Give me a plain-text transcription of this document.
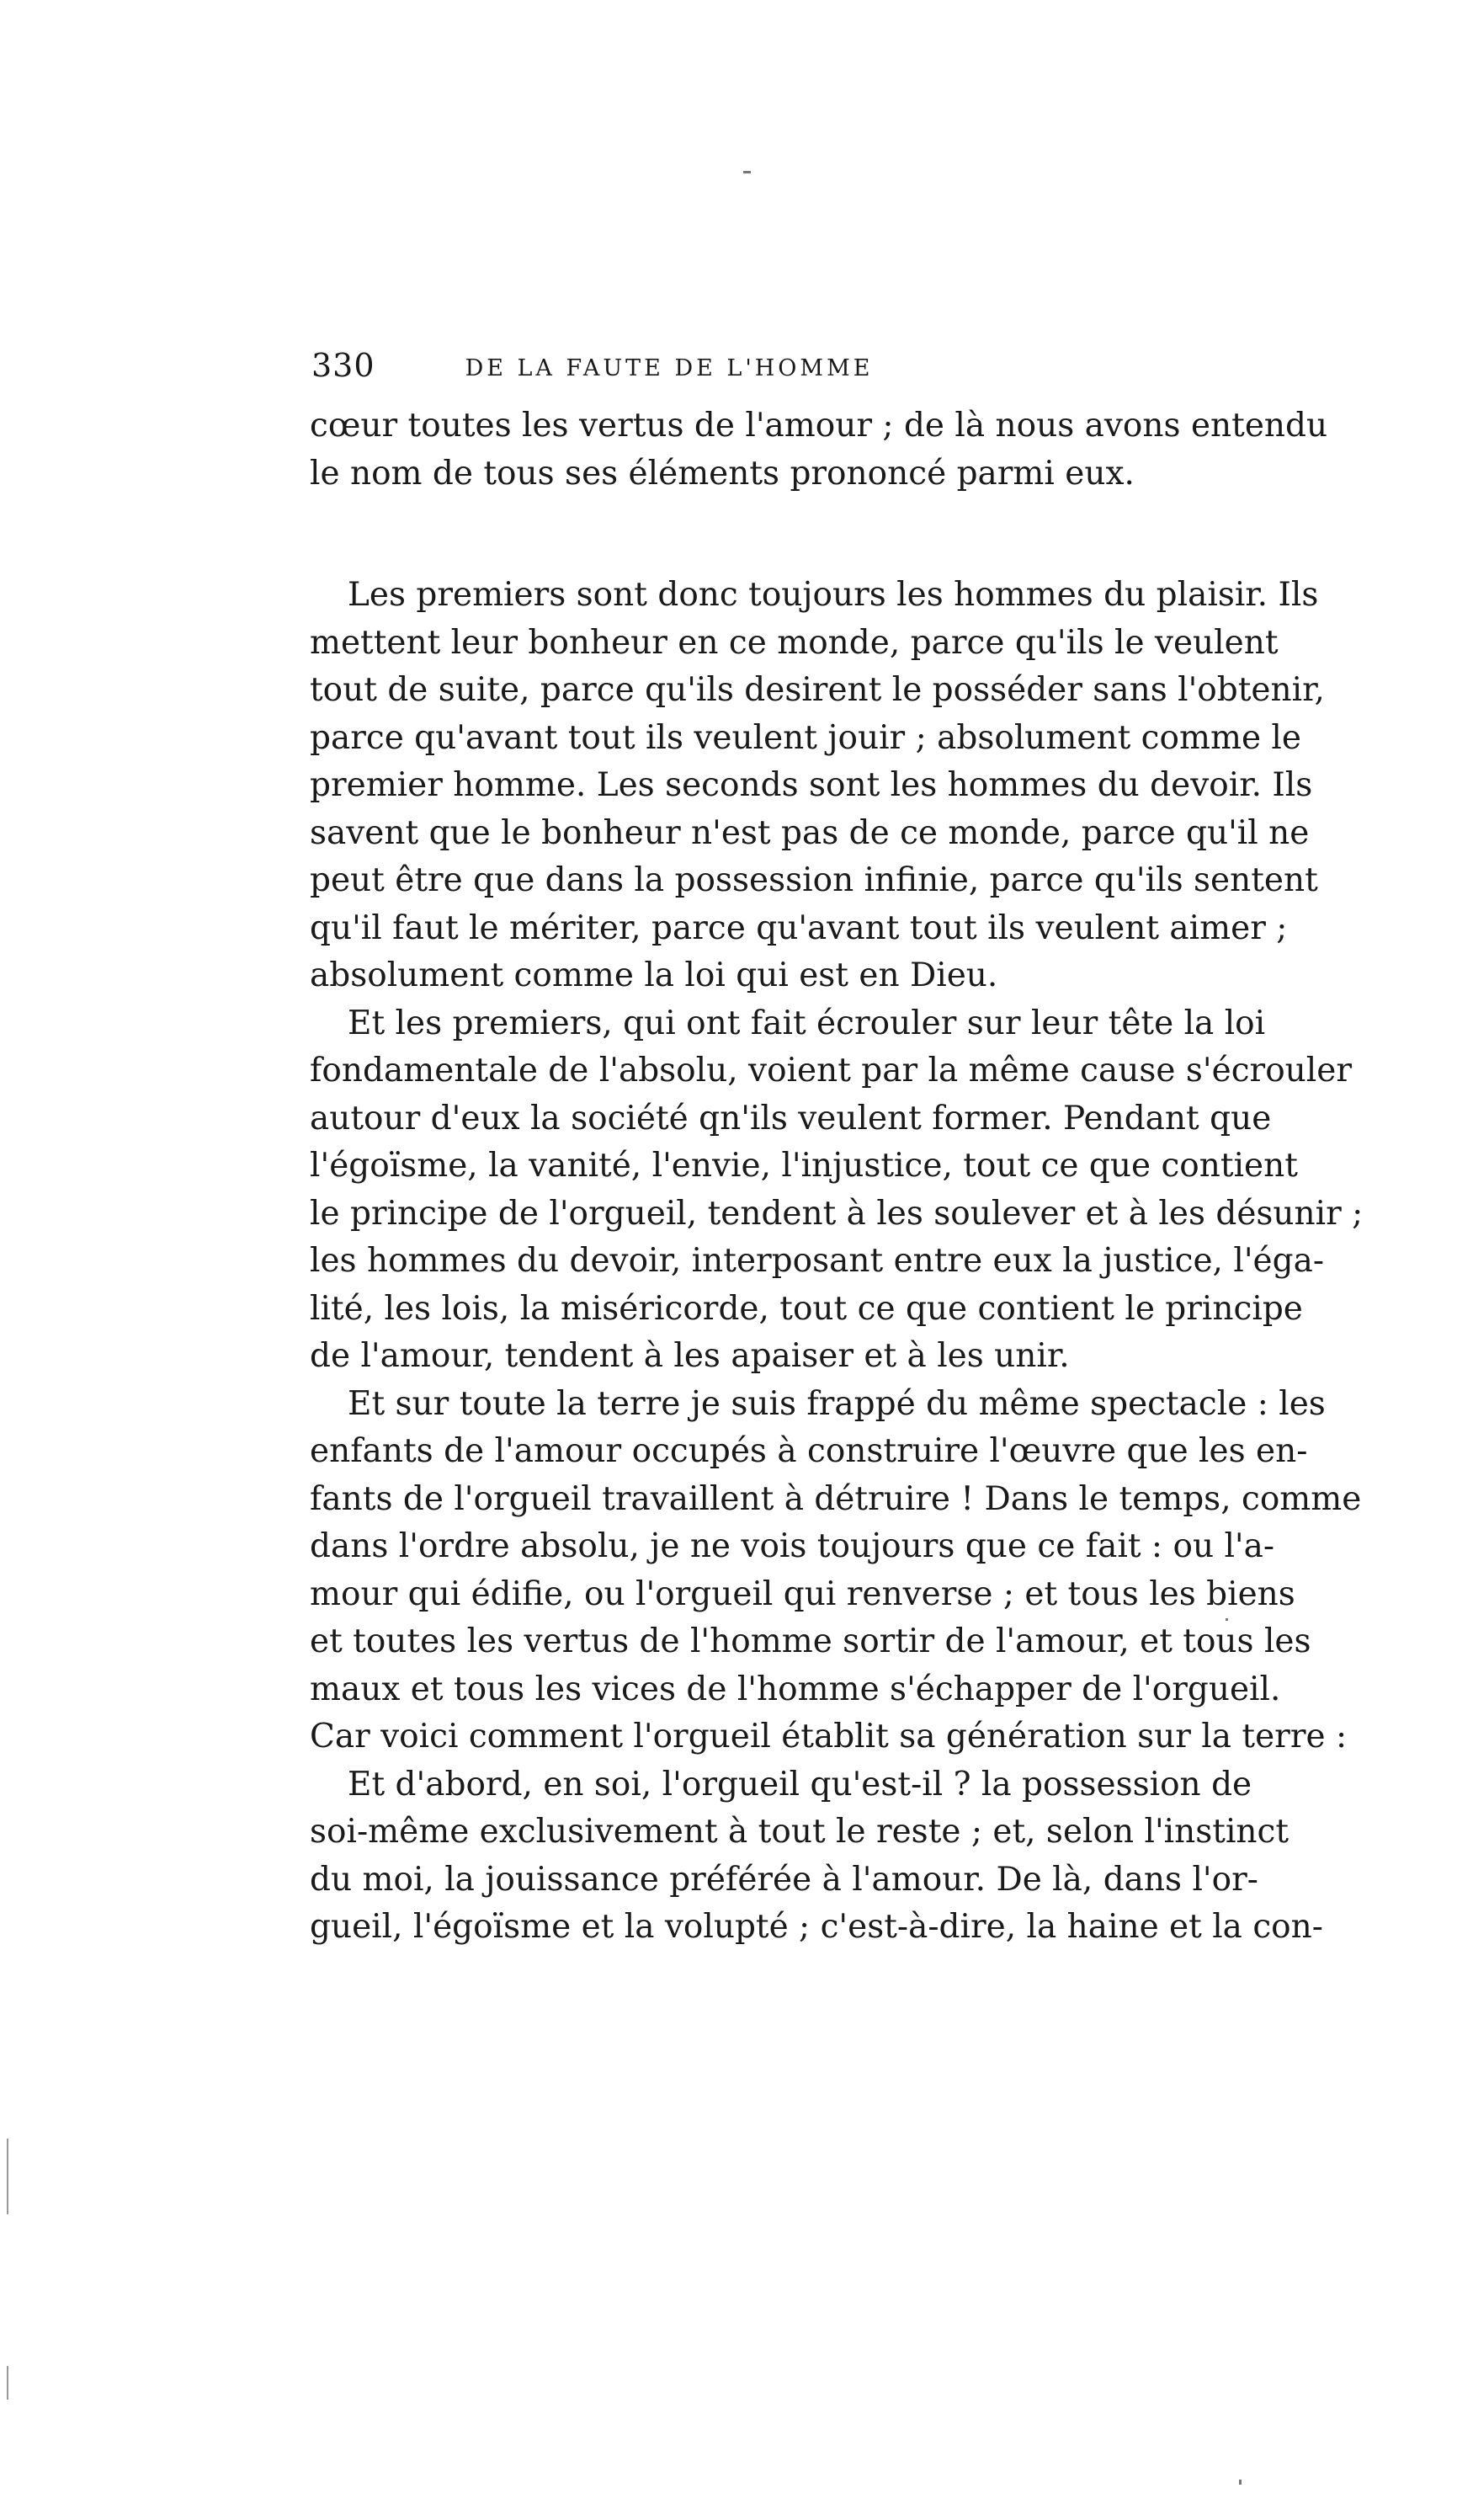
330	DE LA FAUTE DE L'HOMME
cœur toutes les vertus de l'amour ; de là nous avons entendu
le nom de tous ses éléments prononcé parmi eux.
Les premiers sont donc toujours les hommes du plaisir. Ils
mettent leur bonheur en ce monde, parce qu'ils le veulent
tout de suite, parce qu'ils desirent le posséder sans l'obtenir,
parce qu'avant tout ils veulent jouir ; absolument comme le
premier homme. Les seconds sont les hommes du devoir. Ils
savent que le bonheur n'est pas de ce monde, parce qu'il ne
peut être que dans la possession infinie, parce qu'ils sentent
qu'il faut le mériter, parce qu'avant tout ils veulent aimer ;
absolument comme la loi qui est en Dieu.
Et les premiers, qui ont fait écrouler sur leur tête la loi
fondamentale de l'absolu, voient par la même cause s'écrouler
autour d'eux la société qn'ils veulent former. Pendant que
l'égoïsme, la vanité, l'envie, l'injustice, tout ce que contient
le principe de l'orgueil, tendent à les soulever et à les désunir ;
les hommes du devoir, interposant entre eux la justice, l'éga-
lité, les lois, la miséricorde, tout ce que contient le principe
de l'amour, tendent à les apaiser et à les unir.
Et sur toute la terre je suis frappé du même spectacle : les
enfants de l'amour occupés à construire l'œuvre que les en-
fants de l'orgueil travaillent à détruire ! Dans le temps, comme
dans l'ordre absolu, je ne vois toujours que ce fait : ou l'a-
mour qui édifie, ou l'orgueil qui renverse ; et tous les biens
et toutes les vertus de l'homme sortir de l'amour, et tous les
maux et tous les vices de l'homme s'échapper de l'orgueil.
Car voici comment l'orgueil établit sa génération sur la terre :
Et d'abord, en soi, l'orgueil qu'est-il ? la possession de
soi-même exclusivement à tout le reste ; et, selon l'instinct
du moi, la jouissance préférée à l'amour. De là, dans l'or-
gueil, l'égoïsme et la volupté ; c'est-à-dire, la haine et la con-
